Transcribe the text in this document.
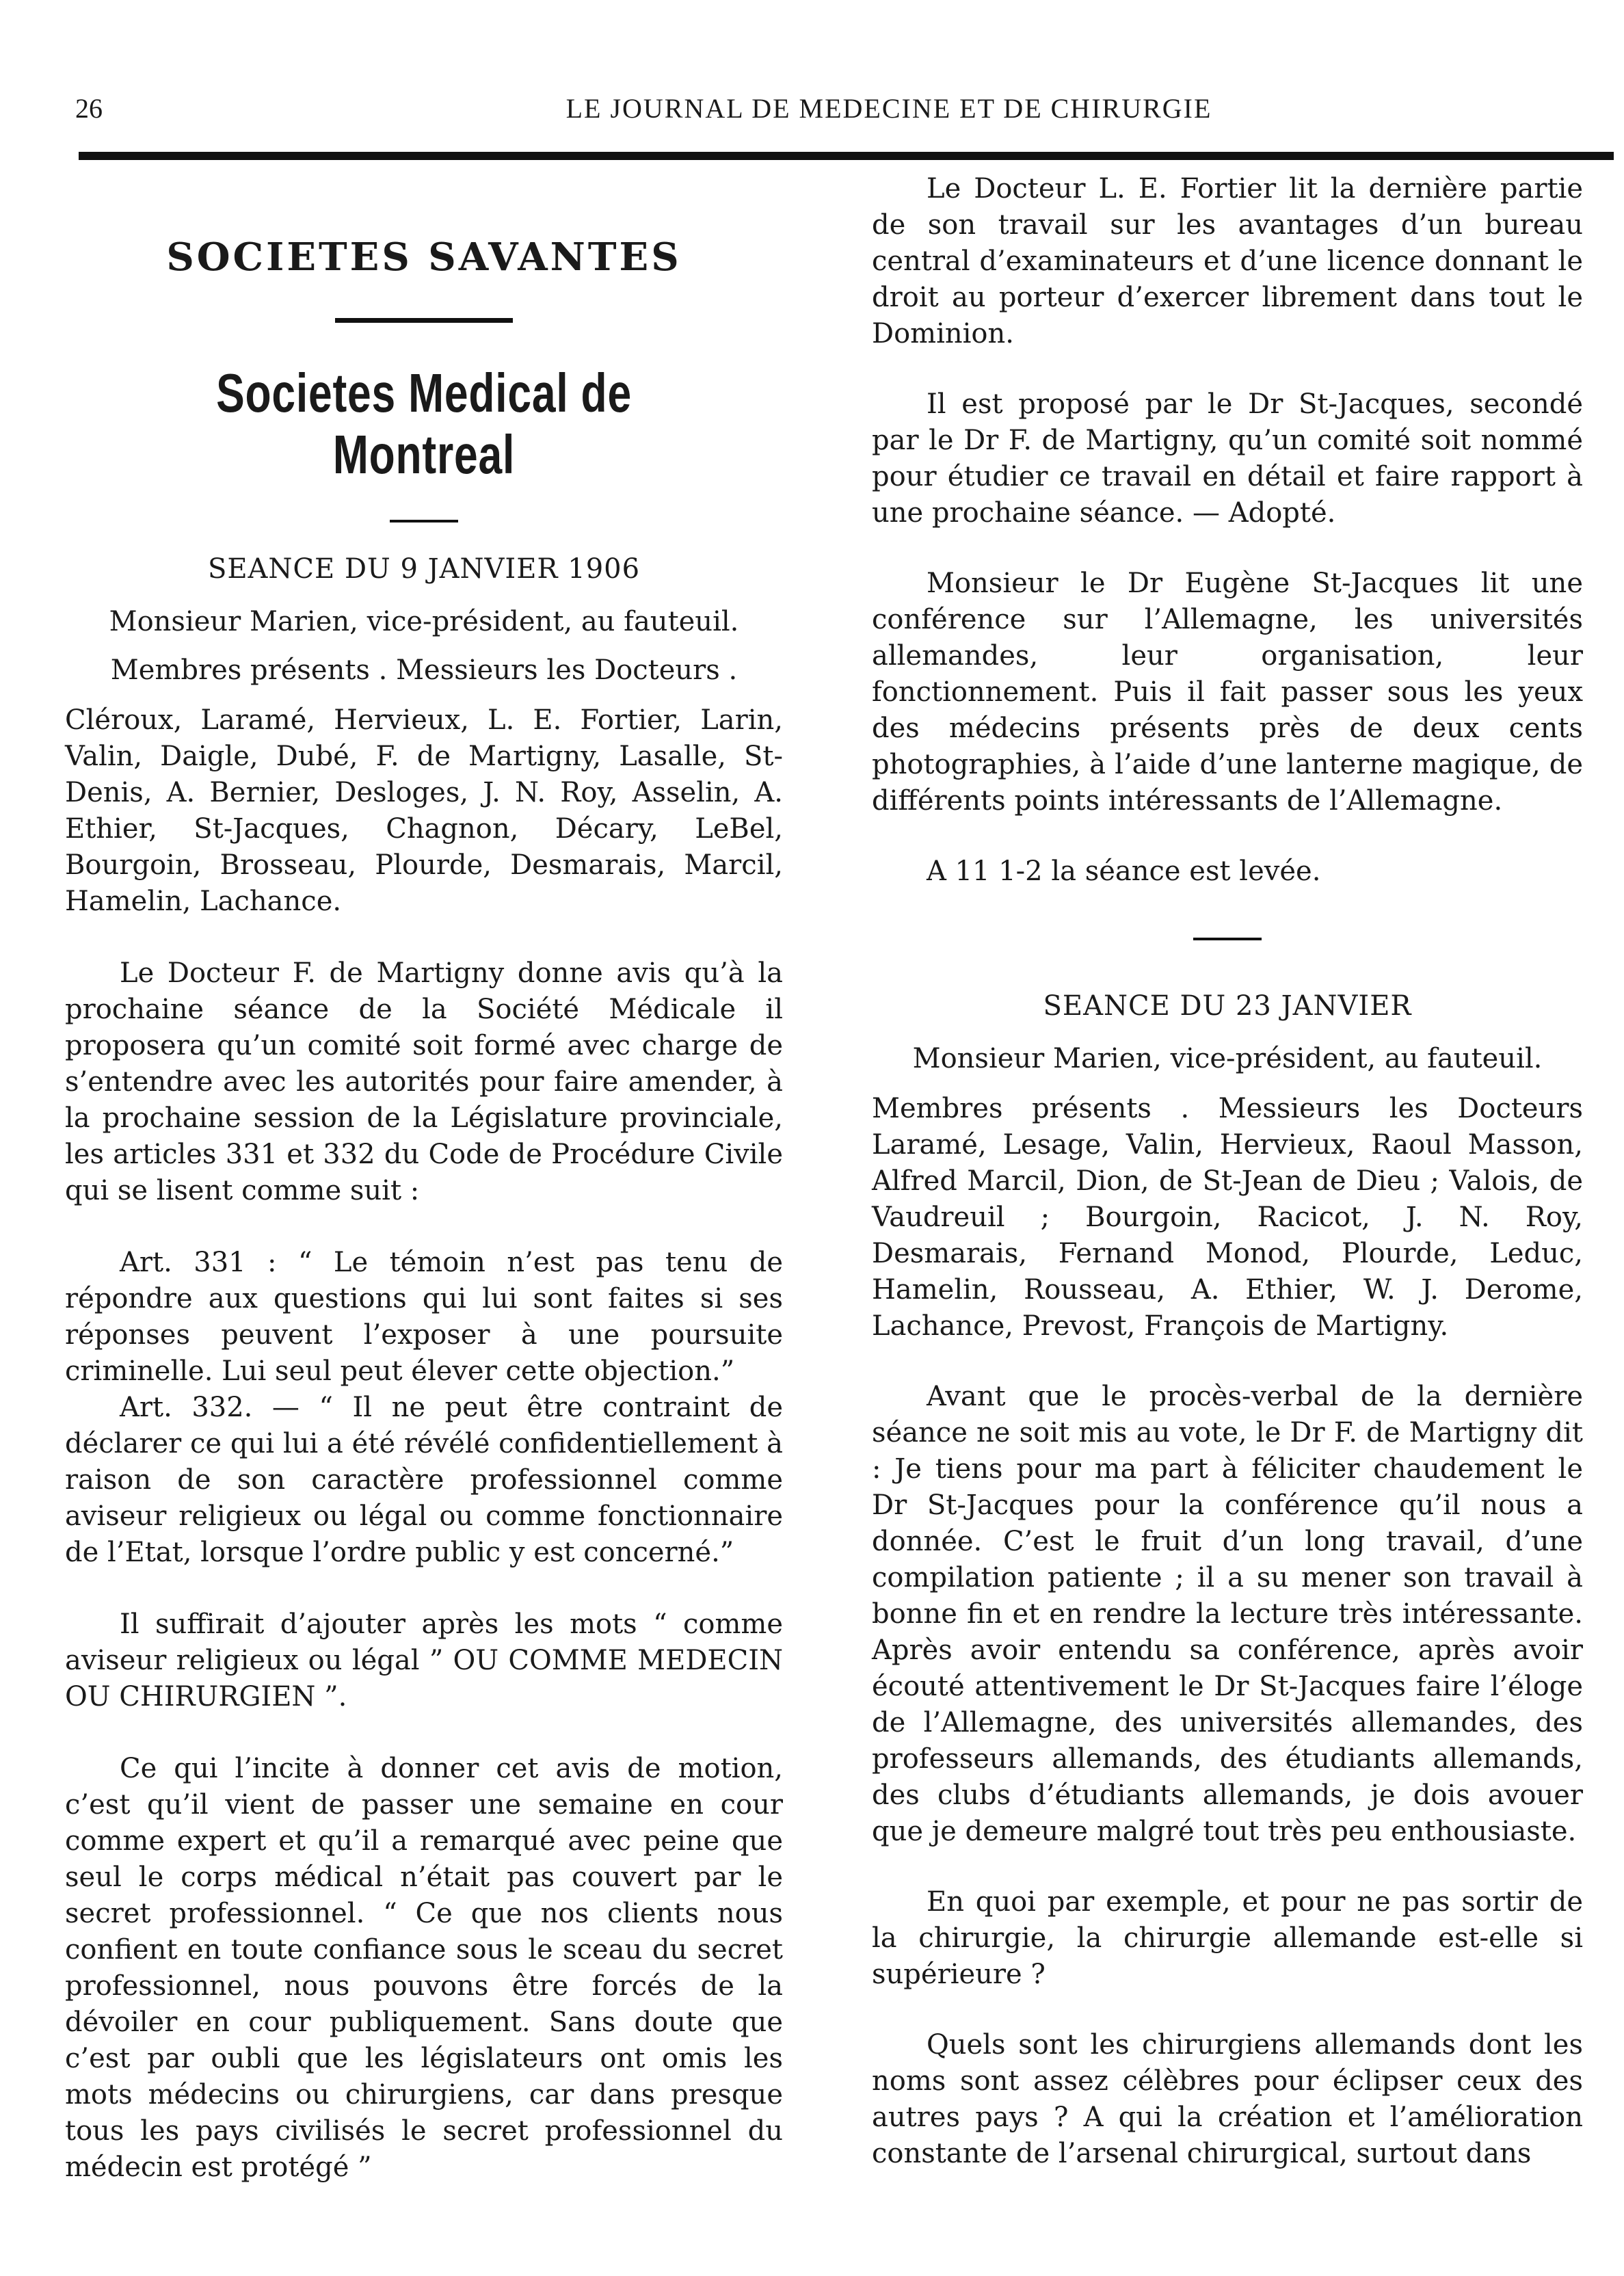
26	LE JOURNAL DE MEDECINE ET DE CHIRURGIE
SOCIETES SAVANTES
Societes Medical de Montreal
SEANCE DU 9 JANVIER 1906
Monsieur Marien, vice-président, au fauteuil.
Membres présents . Messieurs les Docteurs .

Cléroux, Laramé, Hervieux, L. E. Fortier, Larin, Valin, Daigle, Dubé, F. de Martigny, Lasalle, St-Denis, A. Bernier, Desloges, J. N. Roy, Asselin, A. Ethier, St-Jacques, Chagnon, Décary, LeBel, Bourgoin, Brosseau, Plourde, Desmarais, Marcil, Hamelin, Lachance.

Le Docteur F. de Martigny donne avis qu’à la prochaine séance de la Société Médicale il proposera qu’un comité soit formé avec charge de s’entendre avec les autorités pour faire amender, à la prochaine session de la Législature provinciale, les articles 331 et 332 du Code de Procédure Civile qui se lisent comme suit :

Art. 331 : “ Le témoin n’est pas tenu de répondre aux questions qui lui sont faites si ses réponses peuvent l’exposer à une poursuite criminelle. Lui seul peut élever cette objection.”

Art. 332. — “ Il ne peut être contraint de déclarer ce qui lui a été révélé confidentiellement à raison de son caractère professionnel comme aviseur religieux ou légal ou comme fonctionnaire de l’Etat, lorsque l’ordre public y est concerné.”

Il suffirait d’ajouter après les mots “ comme aviseur religieux ou légal ” OU COMME MEDECIN OU CHIRURGIEN ”.

Ce qui l’incite à donner cet avis de motion, c’est qu’il vient de passer une semaine en cour comme expert et qu’il a remarqué avec peine que seul le corps médical n’était pas couvert par le secret professionnel. “ Ce que nos clients nous confient en toute confiance sous le sceau du secret professionnel, nous pouvons être forcés de la dévoiler en cour publiquement. Sans doute que c’est par oubli que les législateurs ont omis les mots médecins ou chirurgiens, car dans presque tous les pays civilisés le secret professionnel du médecin est protégé ”

Le Docteur L. E. Fortier lit la dernière partie de son travail sur les avantages d’un bureau central d’examinateurs et d’une licence donnant le droit au porteur d’exercer librement dans tout le Dominion.

Il est proposé par le Dr St-Jacques, secondé par le Dr F. de Martigny, qu’un comité soit nommé pour étudier ce travail en détail et faire rapport à une prochaine séance. — Adopté.

Monsieur le Dr Eugène St-Jacques lit une conférence sur l’Allemagne, les universités allemandes, leur organisation, leur fonctionnement. Puis il fait passer sous les yeux des médecins présents près de deux cents photographies, à l’aide d’une lanterne magique, de différents points intéressants de l’Allemagne.

A 11 1-2 la séance est levée.

SEANCE DU 23 JANVIER
Monsieur Marien, vice-président, au fauteuil.

Membres présents . Messieurs les Docteurs Laramé, Lesage, Valin, Hervieux, Raoul Masson, Alfred Marcil, Dion, de St-Jean de Dieu ; Valois, de Vaudreuil ; Bourgoin, Racicot, J. N. Roy, Desmarais, Fernand Monod, Plourde, Leduc, Hamelin, Rousseau, A. Ethier, W. J. Derome, Lachance, Prevost, François de Martigny.

Avant que le procès-verbal de la dernière séance ne soit mis au vote, le Dr F. de Martigny dit : Je tiens pour ma part à féliciter chaudement le Dr St-Jacques pour la conférence qu’il nous a donnée. C’est le fruit d’un long travail, d’une compilation patiente ; il a su mener son travail à bonne fin et en rendre la lecture très intéressante. Après avoir entendu sa conférence, après avoir écouté attentivement le Dr St-Jacques faire l’éloge de l’Allemagne, des universités allemandes, des professeurs allemands, des étudiants allemands, des clubs d’étudiants allemands, je dois avouer que je demeure malgré tout très peu enthousiaste.

En quoi par exemple, et pour ne pas sortir de la chirurgie, la chirurgie allemande est-elle si supérieure ?

Quels sont les chirurgiens allemands dont les noms sont assez célèbres pour éclipser ceux des autres pays ? A qui la création et l’amélioration constante de l’arsenal chirurgical, surtout dans
